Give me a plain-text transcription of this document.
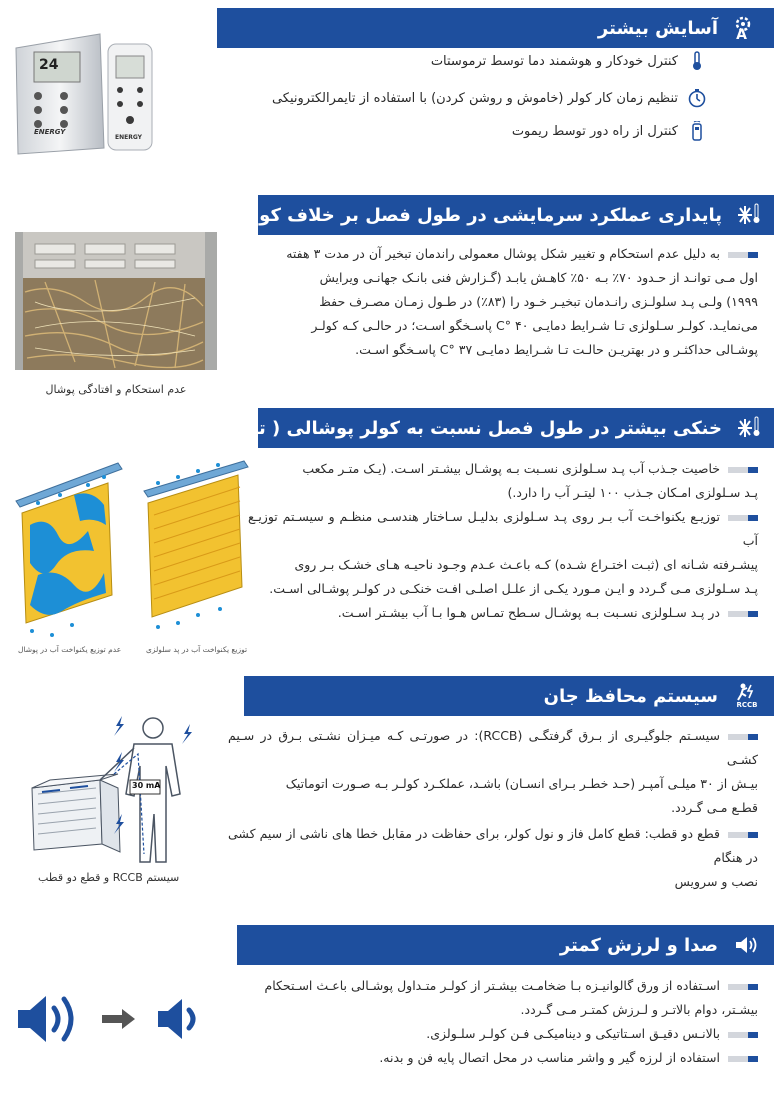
A
آسایش بیشتر
24
ENERGY
ENERGY
کنترل خودکار و هوشمند دما توسط ترموستات
تنظیم زمان کار کولر (خاموش و روشن کردن) با استفاده از تایمرالکترونیکی
کنترل از راه دور توسط ریموت
پایداری عملکرد سرمایشی در طول فصل بر خلاف کولر های پوشالی
عدم استحکام و افتادگی پوشال
به دلیل عدم استحکام و تغییر شکل پوشال معمولی راندمان تبخیر آن در مدت ۳ هفته
اول مـی توانـد از حـدود ۷۰٪ بـه ۵۰٪ کاهـش یابـد (گـزارش فنی بانـک جهانـی ویرایش
۱۹۹۹) ولـی پـد سلولـزی رانـدمان تبخیـر خـود را (۸۳٪) در طـول زمـان مصـرف حفظ
می‌نمایـد. کولـر سـلولزی تـا شـرایط دمایـی ۴۰ °C پاسـخگو اسـت؛ در حالـی کـه کولـر
پوشـالی حداکثـر و در بهتریـن حالـت تـا شـرایط دمایـی ۳۷ °C پاسـخگو اسـت.
خنکی بیشتر در طول فصل نسبت به کولر پوشالی ( تا ۳۰٪)
عدم توزیع یکنواخت آب در پوشال	توزیع یکنواخت آب در پد سلولزی
خاصیت جـذب آب پـد سـلولزی نسـبت بـه پوشـال بیشـتر اسـت. (یـک متـر مکعب
پـد سـلولزی امـکان جـذب ۱۰۰ لیتـر آب را دارد.)
توزیـع یکنواخـت آب بـر روی پـد سـلولزی بدلیـل سـاختار هندسـی منظـم و سیسـتم توزیـع آب
پیشـرفته شـانه ای (ثبـت اختـراع شـده) کـه باعـث عـدم وجـود ناحیـه هـای خشـک بـر روی
پـد سـلولزی مـی گـردد و ایـن مـورد یکـی از علـل اصلـی افـت خنکـی در کولـر پوشـالی اسـت.
در پـد سـلولزی نسـبت بـه پوشـال سـطح تمـاس هـوا بـا آب بیشـتر اسـت.
RCCB
سیستم محافظ جان
30 mA
سیستم RCCB و قطع دو قطب
سیسـتم جلوگیـری از بـرق گرفتگـی (RCCB): در صورتـی کـه میـزان نشـتی بـرق در سـیم کشـی
بیـش از ۳۰ میلـی آمپـر (حـد خطـر بـرای انسـان) باشـد، عملکـرد کولـر بـه صـورت اتوماتیک
قطـع مـی گـردد.
قطع دو قطب: قطع کامل فاز و نول کولر، برای حفاظت در مقابل خطا های ناشی از سیم کشی در هنگام
نصب و سرویس
صدا و لرزش کمتر
اسـتفاده از ورق گالوانیـزه بـا ضخامـت بیشـتر از کولـر متـداول پوشـالی باعـث اسـتحکام
بیشـتر، دوام بالاتـر و لـرزش کمتـر مـی گـردد.
بالانـس دقیـق اسـتاتیکی و دینامیکـی فـن کولـر سلـولزی.
استفاده از لرزه گیر و واشر مناسب در محل اتصال پایه فن و بدنه.
